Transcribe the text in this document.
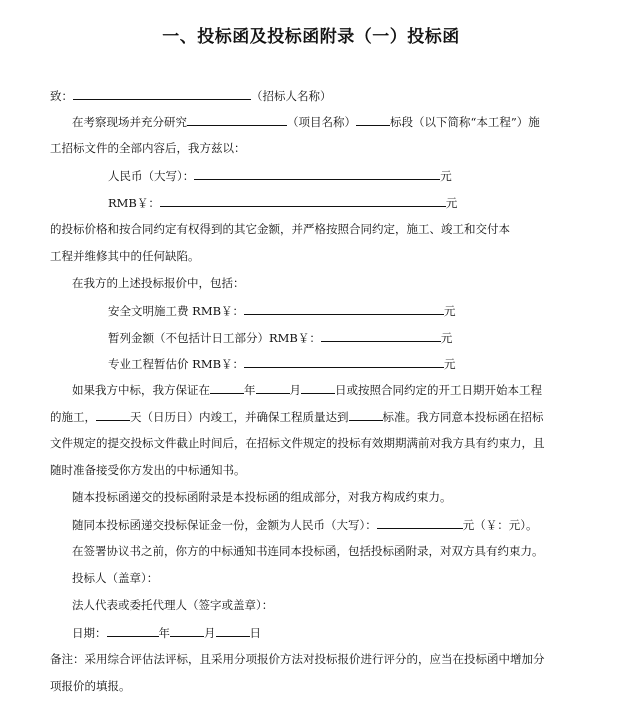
一、投标函及投标函附录（一）投标函
致：	（招标人名称）
在考察现场并充分研究	（项目名称）	标段（以下简称“本工程”）施
工招标文件的全部内容后，我方兹以：
人民币（大写）：	元
RMB￥：	元
的投标价格和按合同约定有权得到的其它金额，并严格按照合同约定，施工、竣工和交付本
工程并维修其中的任何缺陷。
在我方的上述投标报价中，包括：
安全文明施工费 RMB￥：	元
暂列金额（不包括计日工部分）RMB￥：	元
专业工程暂估价 RMB￥：	元
如果我方中标，我方保证在	年	月	日或按照合同约定的开工日期开始本工程
的施工，	天（日历日）内竣工，并确保工程质量达到	标准。我方同意本投标函在招标
文件规定的提交投标文件截止时间后，在招标文件规定的投标有效期期满前对我方具有约束力，且
随时准备接受你方发出的中标通知书。
随本投标函递交的投标函附录是本投标函的组成部分，对我方构成约束力。
随同本投标函递交投标保证金一份，金额为人民币（大写）：	元（￥：元）。
在签署协议书之前，你方的中标通知书连同本投标函，包括投标函附录，对双方具有约束力。
投标人（盖章）：
法人代表或委托代理人（签字或盖章）：
日期：	年	月	日
备注：采用综合评估法评标，且采用分项报价方法对投标报价进行评分的，应当在投标函中增加分
项报价的填报。
